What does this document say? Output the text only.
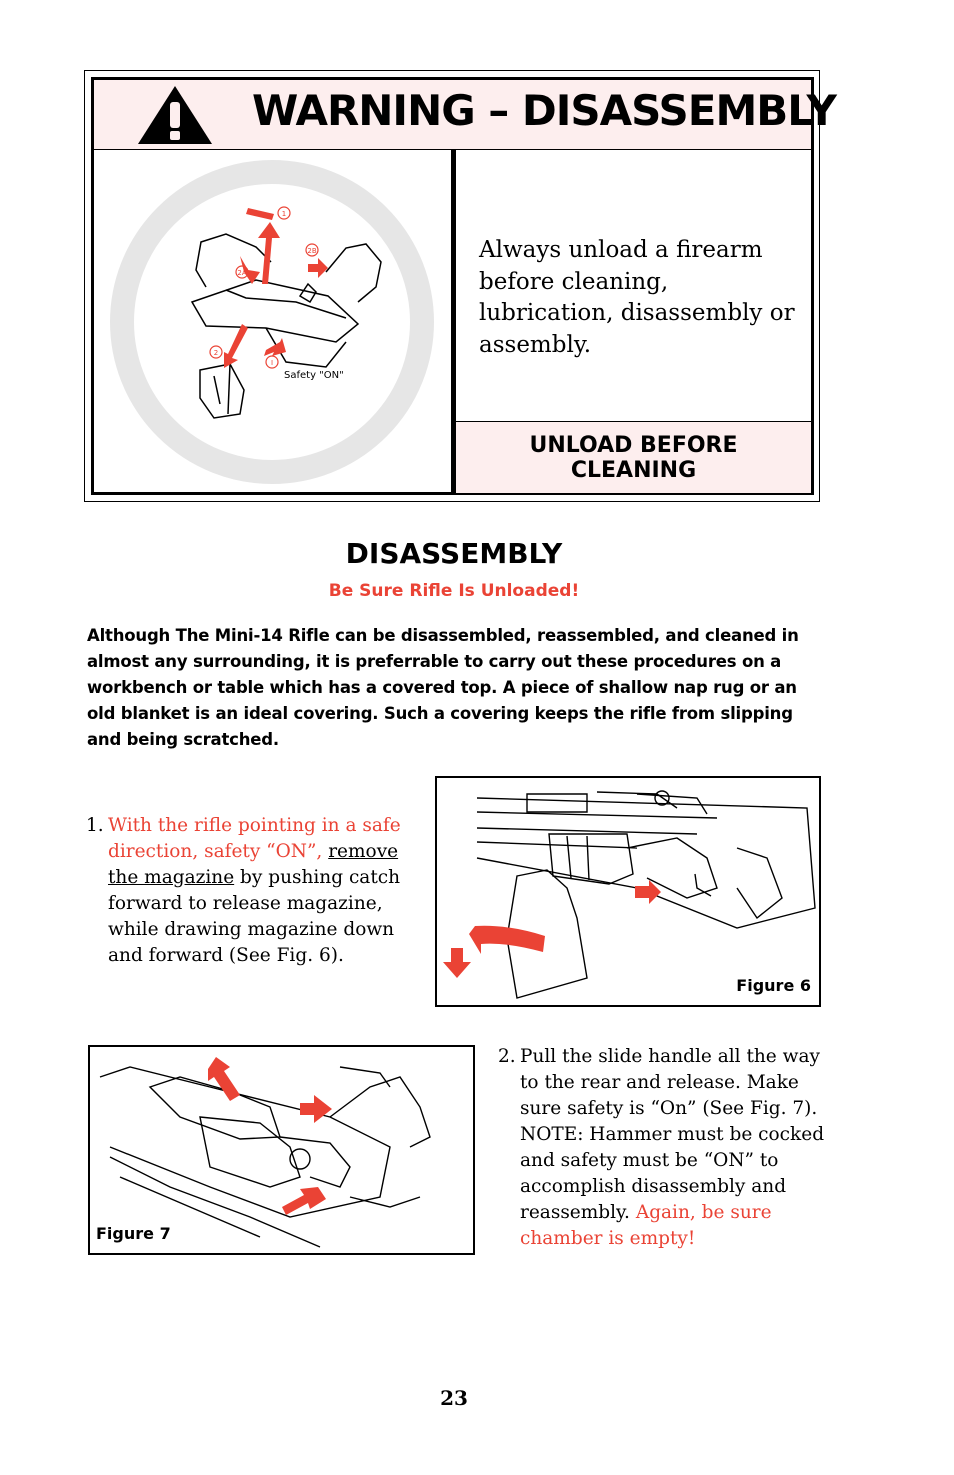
WARNING – DISASSEMBLY
1
2B
2A
2
I
Safety "ON"
Always unload a firearm before cleaning, lubrication, disassembly or assembly.
UNLOAD BEFORE
CLEANING
DISASSEMBLY
Be Sure Rifle Is Unloaded!
Although The Mini-14 Rifle can be disassembled, reassembled, and cleaned in almost any surrounding, it is preferrable to carry out these procedures on a workbench or table which has a covered top. A piece of shallow nap rug or an old blanket is an ideal covering. Such a covering keeps the rifle from slipping and being scratched.
1. With the rifle pointing in a safe direction, safety “ON”, remove the magazine by pushing catch forward to release magazine, while drawing magazine down and forward (See Fig. 6).
Figure 6
Figure 7
2. Pull the slide handle all the way to the rear and release. Make sure safety is “On” (See Fig. 7). NOTE: Hammer must be cocked and safety must be “ON” to accomplish disassembly and reassembly. Again, be sure chamber is empty!
23
